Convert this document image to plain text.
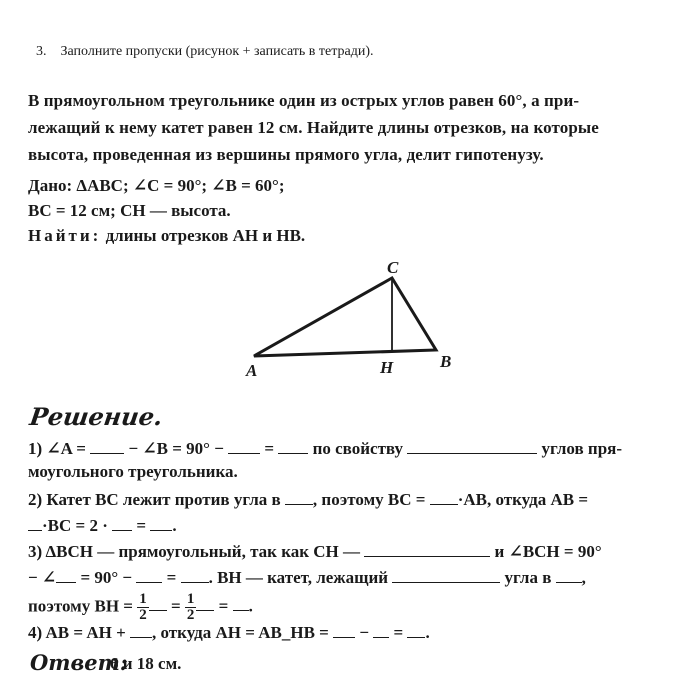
3. Заполните пропуски (рисунок + записать в тетради).
В прямоугольном треугольнике один из острых углов равен 60°, а при-
лежащий к нему катет равен 12 см. Найдите длины отрезков, на которые
высота, проведенная из вершины прямого угла, делит гипотенузу.
Дано: ΔABC; ∠C = 90°; ∠B = 60°;
BC = 12 см; CH — высота.
Найти: длины отрезков AH и HB.
C
A	H	B
Решение.
1) ∠A =  − ∠B = 90° −  =  по свойству	углов пря-
моугольного треугольника.
2) Катет BC лежит против угла в , поэтому BC = ·AB, откуда AB =
·BC = 2 ·  = .
3) ΔBCH — прямоугольный, так как CH —	и ∠BCH = 90°
− ∠ = 90° −  = . BH — катет, лежащий	угла в ,
поэтому BH = $\frac{1}{2} = \frac{1}{2}$ = .
4) AB = AH + , откуда AH = AB_HB =  −  = .
Ответ:
6 и 18 см.
